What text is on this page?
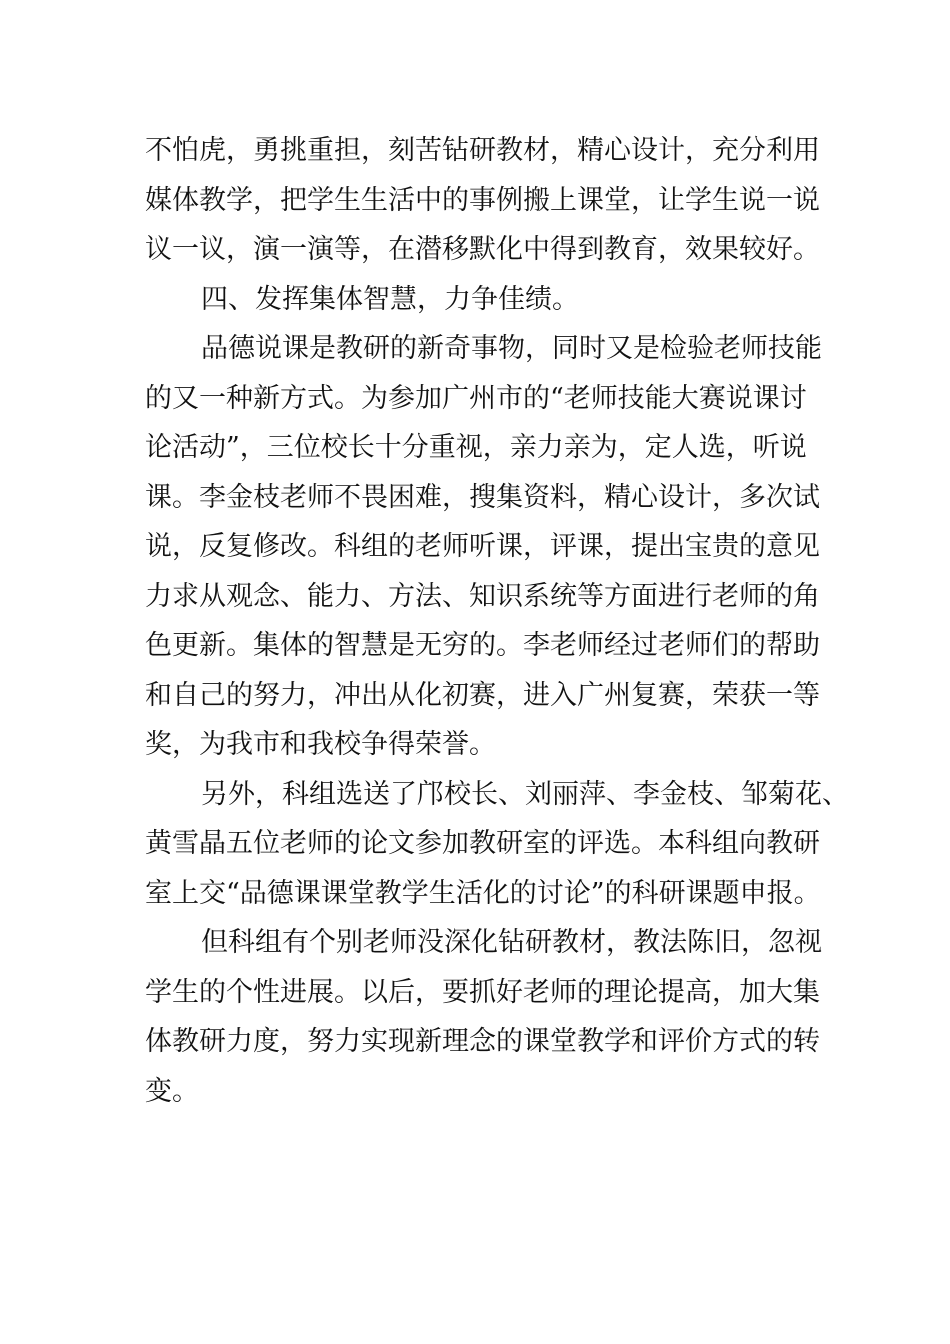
不怕虎，勇挑重担，刻苦钻研教材，精心设计，充分利用
媒体教学，把学生生活中的事例搬上课堂，让学生说一说
议一议，演一演等，在潜移默化中得到教育，效果较好。
四、发挥集体智慧，力争佳绩。
品德说课是教研的新奇事物，同时又是检验老师技能
的又一种新方式。为参加广州市的“老师技能大赛说课讨
论活动”，三位校长十分重视，亲力亲为，定人选，听说
课。李金枝老师不畏困难，搜集资料，精心设计，多次试
说，反复修改。科组的老师听课，评课，提出宝贵的意见
力求从观念、能力、方法、知识系统等方面进行老师的角
色更新。集体的智慧是无穷的。李老师经过老师们的帮助
和自己的努力，冲出从化初赛，进入广州复赛，荣获一等
奖，为我市和我校争得荣誉。
另外，科组选送了邝校长、刘丽萍、李金枝、邹菊花、
黄雪晶五位老师的论文参加教研室的评选。本科组向教研
室上交“品德课课堂教学生活化的讨论”的科研课题申报。
但科组有个别老师没深化钻研教材，教法陈旧，忽视
学生的个性进展。以后，要抓好老师的理论提高，加大集
体教研力度，努力实现新理念的课堂教学和评价方式的转
变。
